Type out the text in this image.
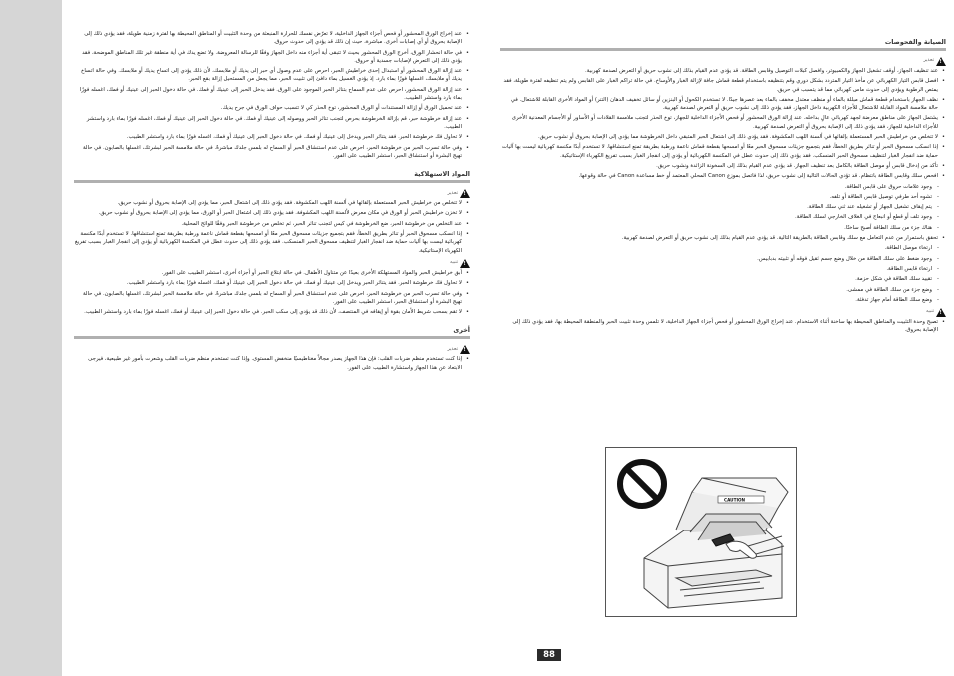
• عند إخراج الورق المحشور أو فحص أجزاء الجهاز الداخلية، لا تعرّض نفسك للحرارة المنبعثة من وحدة التثبيت أو المناطق المحيطة بها لفترة زمنية طويلة، فقد يؤدي ذلك إلى الإصابة بحروق أو أي إصابات أخرى. مباشرة، حيث إن ذلك قد يؤدي إلى حدوث حروق.
• في حالة انحشار الورق، أخرج الورق المحشور بحيث لا تتبقى أية أجزاء منه داخل الجهاز وفقًا للرسالة المعروضة. ولا تضع يدك في أية منطقة غير تلك المناطق الموضحة، فقد يؤدي ذلك إلى التعرض لإصابات جسدية أو حروق.
• عند إزالة الورق المحشور أو استبدال إحدى خراطيش الحبر، احرص على عدم وصول أي حبر إلى يديك أو ملابسك، لأن ذلك يؤدي إلى اتساخ يديك أو ملابسك. وفي حالة اتساخ يديك أو ملابسك، اغسلها فورًا بماء بارد. إذ يؤدي الغسيل بماء دافئ إلى تثبيت الحبر، مما يجعل من المستحيل إزالة بقع الحبر.
• عند إزالة الورق المحشور، احرص على عدم السماح بتناثر الحبر الموجود على الورق. فقد يدخل الحبر إلى عينيك أو فمك. في حالة دخول الحبر إلى عينيك أو فمك، اغسله فورًا بماء بارد واستشر الطبيب.
• عند تحميل الورق أو إزالة المستندات أو الورق المحشور، توخ الحذر كي لا تتسبب حواف الورق في جرح يديك.
• عند إزالة خرطوشة حبر، قم بإزالة الخرطوشة بحرص لتجنب تناثر الحبر ووصوله إلى عينيك أو فمك. في حالة دخول الحبر إلى عينيك أو فمك، اغسله فورًا بماء بارد واستشر الطبيب.
• لا تحاول فك خرطوشة الحبر. فقد يتناثر الحبر ويدخل إلى عينيك أو فمك. في حالة دخول الحبر إلى عينيك أو فمك، اغسله فورًا بماء بارد واستشر الطبيب.
• وفي حالة تسرب الحبر من خرطوشة الحبر، احرص على عدم استنشاق الحبر أو السماح له بلمس جلدك مباشرةً. في حالة ملامسة الحبر لبشرتك، اغسلها بالصابون. في حالة تهيج البشرة أو استنشاق الحبر، استشر الطبيب على الفور.
المواد الاستهلاكية
!
تحذير
• لا تتخلص من خراطيش الحبر المستعملة بإلقائها في ألسنة اللهب المكشوفة. فقد يؤدي ذلك إلى اشتعال الحبر، مما يؤدي إلى الإصابة بحروق أو نشوب حريق.
• لا تخزن خراطيش الحبر أو الورق في مكان معرض لألسنة اللهب المكشوفة. فقد يؤدي ذلك إلى اشتعال الحبر أو الورق، مما يؤدي إلى الإصابة بحروق أو نشوب حريق.
• عند التخلص من خرطوشة الحبر، ضع الخرطوشة في كيس لتجنب تناثر الحبر، ثم تخلص من خرطوشة الحبر وفقًا للوائح المحلية.
• إذا انسكب مسحوق الحبر أو تناثر بطريق الخطأ، فقم بتجميع جزيئات مسحوق الحبر معًا أو امسحها بقطعة قماش ناعمة ورطبة بطريقة تمنع استنشاقها. لا تستخدم أبدًا مكنسة كهربائية ليست بها آليات حماية ضد انفجار الغبار لتنظيف مسحوق الحبر المنسكب. فقد يؤدي ذلك إلى حدوث عطل في المكنسة الكهربائية أو يؤدي إلى انفجار الغبار بسبب تفريغ الكهرباء الإستاتيكية.
!
تنبيه
• أبق خراطيش الحبر والمواد المستهلكة الأخرى بعيدًا عن متناول الأطفال. في حالة ابتلاع الحبر أو أجزاء أخرى، استشر الطبيب على الفور.
• لا تحاول فك خرطوشة الحبر. فقد يتناثر الحبر ويدخل إلى عينيك أو فمك. في حالة دخول الحبر إلى عينيك أو فمك، اغسله فورًا بماء بارد واستشر الطبيب.
• وفي حالة تسرب الحبر من خرطوشة الحبر، احرص على عدم استنشاق الحبر أو السماح له بلمس جلدك مباشرةً. في حالة ملامسة الحبر لبشرتك، اغسلها بالصابون. في حالة تهيج البشرة أو استنشاق الحبر، استشر الطبيب على الفور.
• لا تقم بسحب شريط الأمان بقوة أو إيقافه في المنتصف، لأن ذلك قد يؤدي إلى سكب الحبر. في حالة دخول الحبر إلى عينيك أو فمك، اغسله فورًا بماء بارد واستشر الطبيب.
أخرى
!
تحذير
• إذا كنت تستخدم منظم ضربات القلب: فإن هذا الجهاز يصدر مجالاً مغناطيسيًا منخفض المستوى. وإذا كنت تستخدم منظم ضربات القلب وشعرت بأمور غير طبيعية، فيرجى الابتعاد عن هذا الجهاز واستشارة الطبيب على الفور.
الصيانة والفحوصات
!
تحذير
• عند تنظيف الجهاز، أوقف تشغيل الجهاز والكمبيوتر، وافصل كبلات التوصيل وقابس الطاقة. قد يؤدي عدم القيام بذلك إلى نشوب حريق أو التعرض لصدمة كهربية.
• افصل قابس التيار الكهربائي عن مأخذ التيار المتردد بشكل دوري وقم بتنظيفه باستخدام قطعة قماش جافة لإزالة الغبار والأوساخ. في حالة تراكم الغبار على القابس ولم يتم تنظيفه لفترة طويلة، فقد يمتص الرطوبة ويؤدي إلى حدوث ماس كهربائي مما قد يتسبب في حريق.
• نظف الجهاز باستخدام قطعة قماش مبللة بالماء أو منظف معتدل مخفف بالماء بعد عصرها جيدًا. لا تستخدم الكحول أو البنزين أو سائل تخفيف الدهان (التنر) أو المواد الأخرى القابلة للاشتعال. في حالة ملامسة المواد القابلة للاشتعال للأجزاء الكهربية داخل الجهاز، فقد يؤدي ذلك إلى نشوب حريق أو التعرض لصدمة كهربية.
• يشتمل الجهاز على مناطق معرضة لجهد كهربائي عالٍ بداخله. عند إزالة الورق المحشور أو فحص الأجزاء الداخلية للجهاز، توخ الحذر لتجنب ملامسة القلادات أو الأساور أو الأجسام المعدنية الأخرى للأجزاء الداخلية للجهاز، فقد يؤدي ذلك إلى الإصابة بحروق أو التعرض لصدمة كهربية.
• لا تتخلص من خراطيش الحبر المستعملة بإلقائها في ألسنة اللهب المكشوفة. فقد يؤدي ذلك إلى اشتعال الحبر المتبقي داخل الخرطوشة مما يؤدي إلى الإصابة بحروق أو نشوب حريق.
• إذا انسكب مسحوق الحبر أو تناثر بطريق الخطأ، فقم بتجميع جزيئات مسحوق الحبر معًا أو امسحها بقطعة قماش ناعمة ورطبة بطريقة تمنع استنشاقها. لا تستخدم أبدًا مكنسة كهربائية ليست بها آليات حماية ضد انفجار الغبار لتنظيف مسحوق الحبر المنسكب. فقد يؤدي ذلك إلى حدوث عطل في المكنسة الكهربائية أو يؤدي إلى انفجار الغبار بسبب تفريغ الكهرباء الإستاتيكية.
• تأكد من إدخال قابس أو موصل الطاقة بالكامل بعد تنظيف الجهاز. قد يؤدي عدم القيام بذلك إلى السخونة الزائدة ونشوب حريق.
• افحص سلك وقابس الطاقة بانتظام. قد تؤدي الحالات التالية إلى نشوب حريق، لذا فاتصل بموزع Canon المحلي المعتمد أو خط مساعدة Canon في حالة وقوعها.
- وجود علامات حروق على قابس الطاقة.
- تشوه أحد طرفي توصيل قابس الطاقة أو تلفه.
- يتم إيقاف تشغيل الجهاز أو تشغيله عند ثني سلك الطاقة.
- وجود تلف أو قطع أو انبعاج في الغلاف الخارجي لسلك الطاقة.
- هناك جزء من سلك الطاقة أصبح ساخنًا.
• تحقق باستمرار من عدم التعامل مع سلك وقابس الطاقة بالطريقة التالية. قد يؤدي عدم القيام بذلك إلى نشوب حريق أو التعرض لصدمة كهربية.
- ارتخاء موصل الطاقة.
- وجود ضغط على سلك الطاقة من خلال وضع جسم ثقيل فوقه أو تثبيته بدبابيس.
- ارتخاء قابس الطاقة.
- تقييد سلك الطاقة في شكل حزمة.
- وضع جزء من سلك الطاقة في ممشى.
- وضع سلك الطاقة أمام جهاز تدفئة.
!
تنبيه
• تصبح وحدة التثبيت والمناطق المحيطة بها ساخنة أثناء الاستخدام. عند إخراج الورق المحشور أو فحص أجزاء الجهاز الداخلية، لا تلمس وحدة تثبيت الحبر والمنطقة المحيطة بها، فقد يؤدي ذلك إلى الإصابة بحروق.
CAUTION
88
